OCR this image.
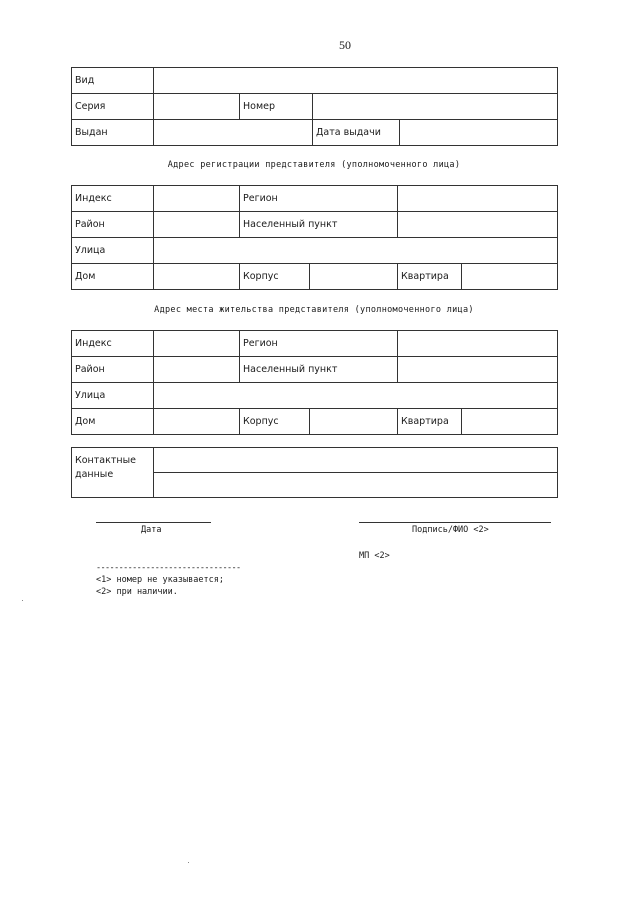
50
Вид				
Серия		Номер		
Выдан			Дата выдачи	
Адрес регистрации представителя (уполномоченного лица)
Индекс		Регион			
Район		Населенный пункт			
Улица					
Дом		Корпус		Квартира	
Адрес места жительства представителя (уполномоченного лица)
Индекс		Регион			
Район		Населенный пункт			
Улица					
Дом		Корпус		Квартира	
Контактные
данные

Дата	Подпись/ФИО <2>
МП <2>
--------------------------------
<1> номер не указывается;
<2> при наличии.
